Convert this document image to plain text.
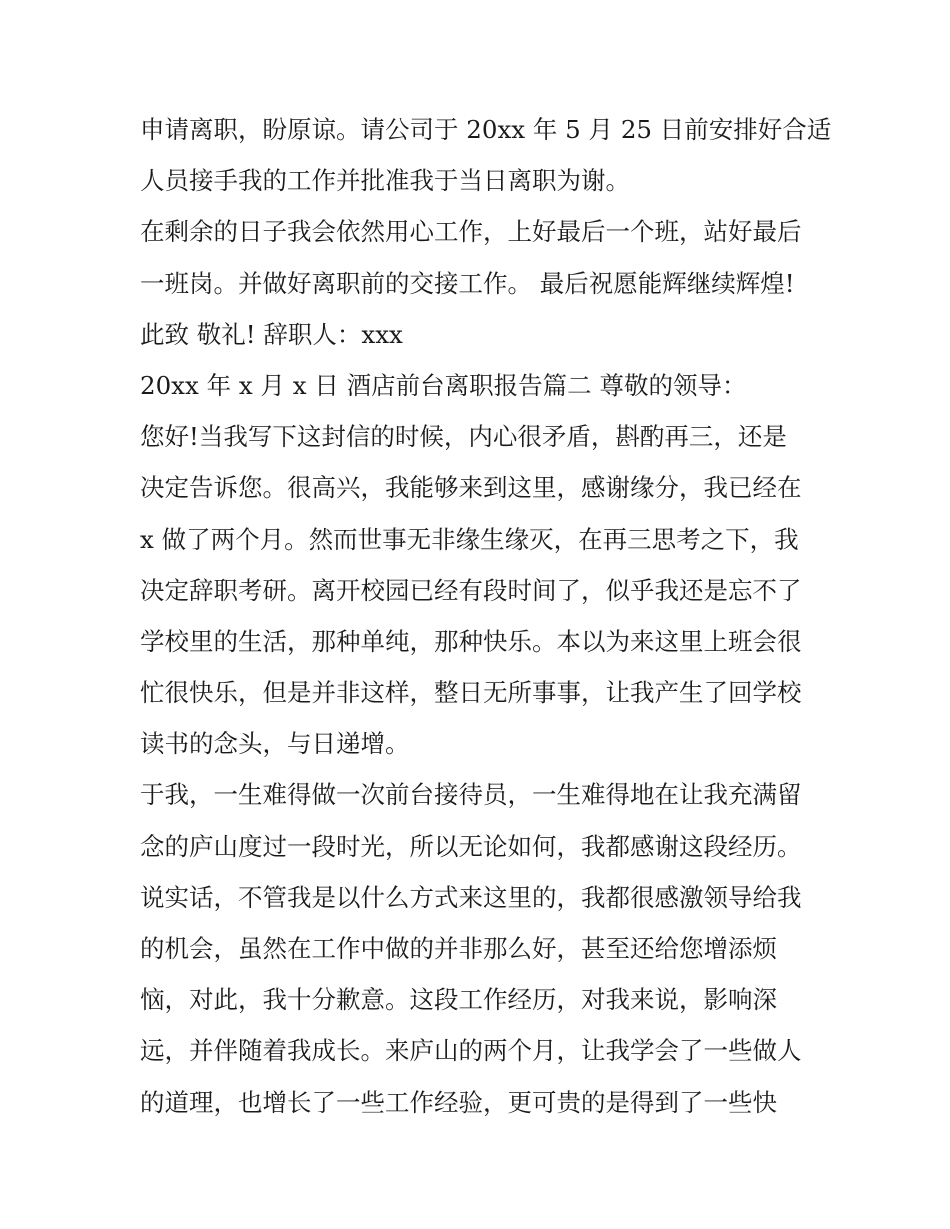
申请离职，盼原谅。请公司于 20xx 年 5 月 25 日前安排好合适
人员接手我的工作并批准我于当日离职为谢。
在剩余的日子我会依然用心工作，上好最后一个班，站好最后
一班岗。并做好离职前的交接工作。 最后祝愿能辉继续辉煌!
此致 敬礼! 辞职人：xxx
20xx 年 x 月 x 日 酒店前台离职报告篇二 尊敬的领导：
您好!当我写下这封信的时候，内心很矛盾，斟酌再三，还是
决定告诉您。很高兴，我能够来到这里，感谢缘分，我已经在
x 做了两个月。然而世事无非缘生缘灭，在再三思考之下，我
决定辞职考研。离开校园已经有段时间了，似乎我还是忘不了
学校里的生活，那种单纯，那种快乐。本以为来这里上班会很
忙很快乐，但是并非这样，整日无所事事，让我产生了回学校
读书的念头，与日递增。
于我，一生难得做一次前台接待员，一生难得地在让我充满留
念的庐山度过一段时光，所以无论如何，我都感谢这段经历。
说实话，不管我是以什么方式来这里的，我都很感激领导给我
的机会，虽然在工作中做的并非那么好，甚至还给您增添烦
恼，对此，我十分歉意。这段工作经历，对我来说，影响深
远，并伴随着我成长。来庐山的两个月，让我学会了一些做人
的道理，也增长了一些工作经验，更可贵的是得到了一些快
